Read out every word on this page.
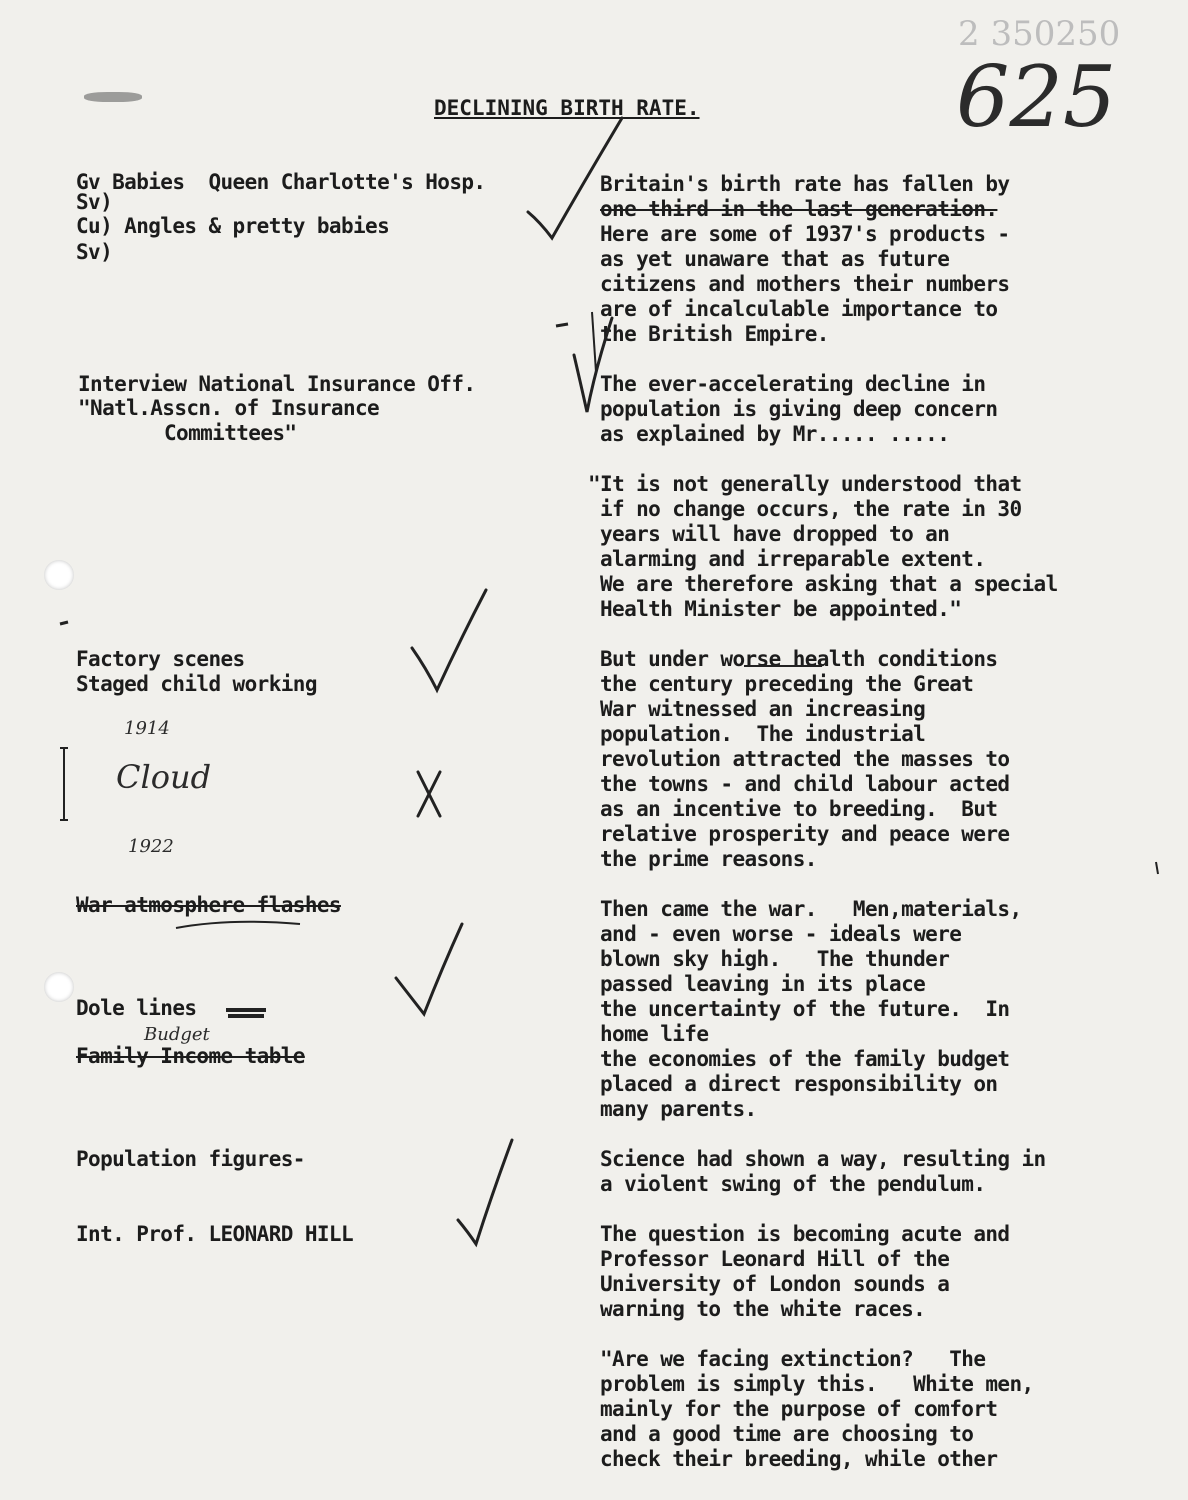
DECLINING BIRTH RATE.
2 350250
625
Gv Babies  Queen Charlotte's Hosp.
Sv)
Cu) Angles & pretty babies
Sv)
Interview National Insurance Off.
"Natl.Asscn. of Insurance
Committees"
Factory scenes
Staged child working
1914
Cloud
1922
War atmosphere flashes
Dole lines
Budget
Family Income table
Population figures-
Int. Prof. LEONARD HILL
Britain's birth rate has fallen by
one third in the last generation.
Here are some of 1937's products -
as yet unaware that as future
citizens and mothers their numbers
are of incalculable importance to
the British Empire.
The ever-accelerating decline in
population is giving deep concern
as explained by Mr..... .....
"It is not generally understood that
if no change occurs, the rate in 30
years will have dropped to an
alarming and irreparable extent.
We are therefore asking that a special
Health Minister be appointed."
But under worse health conditions
the century preceding the Great
War witnessed an increasing
population.  The industrial
revolution attracted the masses to
the towns - and child labour acted
as an incentive to breeding.  But
relative prosperity and peace were
the prime reasons.
Then came the war.   Men,materials,
and - even worse - ideals were
blown sky high.   The thunder
passed leaving in its place
the uncertainty of the future.  In
home life
the economies of the family budget
placed a direct responsibility on
many parents.
Science had shown a way, resulting in
a violent swing of the pendulum.
The question is becoming acute and
Professor Leonard Hill of the
University of London sounds a
warning to the white races.
"Are we facing extinction?   The
problem is simply this.   White men,
mainly for the purpose of comfort
and a good time are choosing to
check their breeding, while other
